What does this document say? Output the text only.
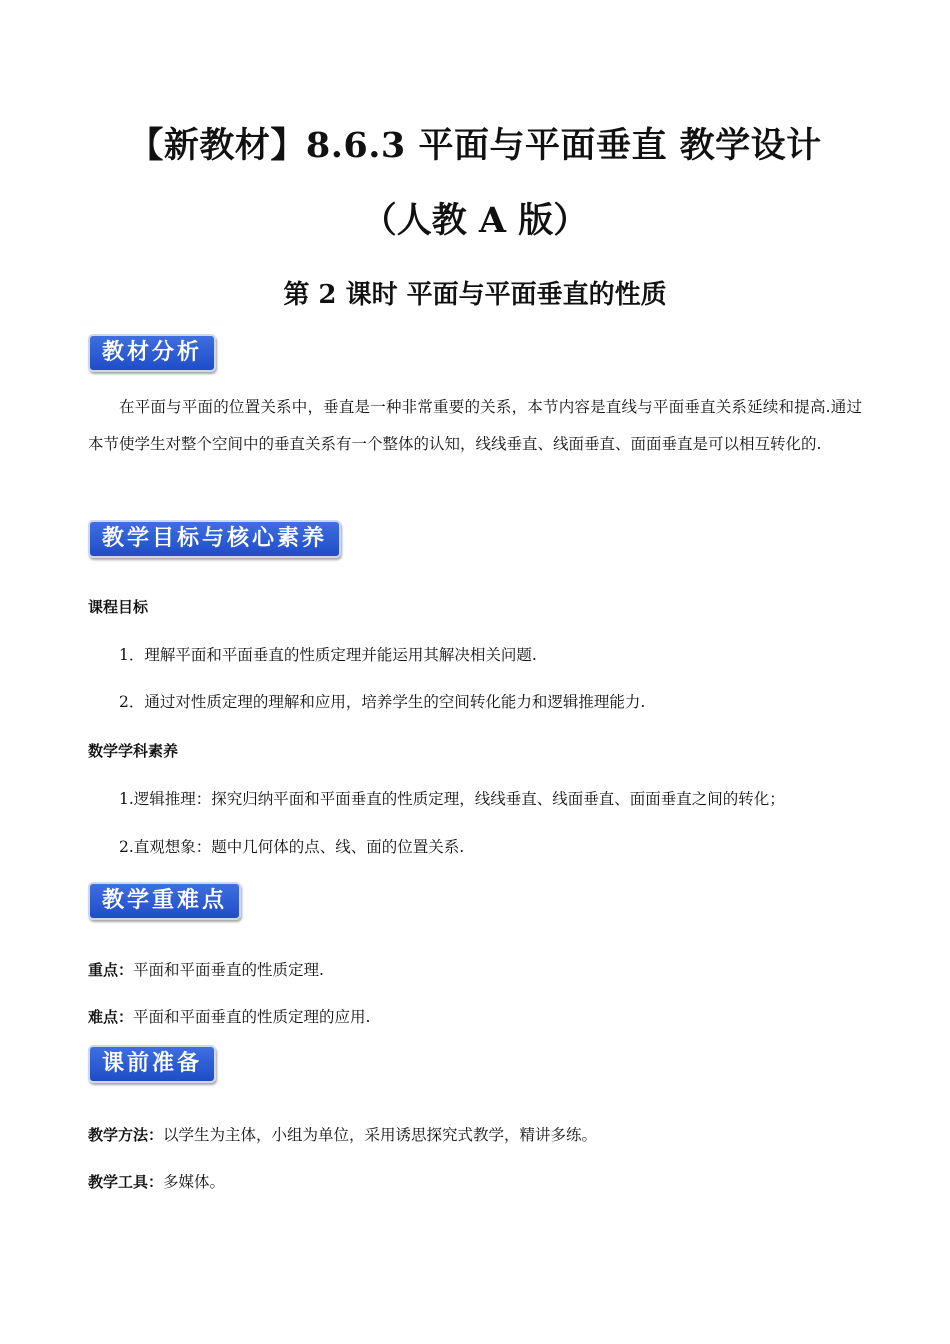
【新教材】8.6.3 平面与平面垂直 教学设计
（人教 A 版）
第 2 课时 平面与平面垂直的性质
教材分析
在平面与平面的位置关系中，垂直是一种非常重要的关系，本节内容是直线与平面垂直关系延续和提高.通过本节使学生对整个空间中的垂直关系有一个整体的认知，线线垂直、线面垂直、面面垂直是可以相互转化的.
教学目标与核心素养
课程目标
1．理解平面和平面垂直的性质定理并能运用其解决相关问题.
2．通过对性质定理的理解和应用，培养学生的空间转化能力和逻辑推理能力.
数学学科素养
1.逻辑推理：探究归纳平面和平面垂直的性质定理，线线垂直、线面垂直、面面垂直之间的转化；
2.直观想象：题中几何体的点、线、面的位置关系.
教学重难点
重点：平面和平面垂直的性质定理.
难点：平面和平面垂直的性质定理的应用.
课前准备
教学方法：以学生为主体，小组为单位，采用诱思探究式教学，精讲多练。
教学工具：多媒体。
